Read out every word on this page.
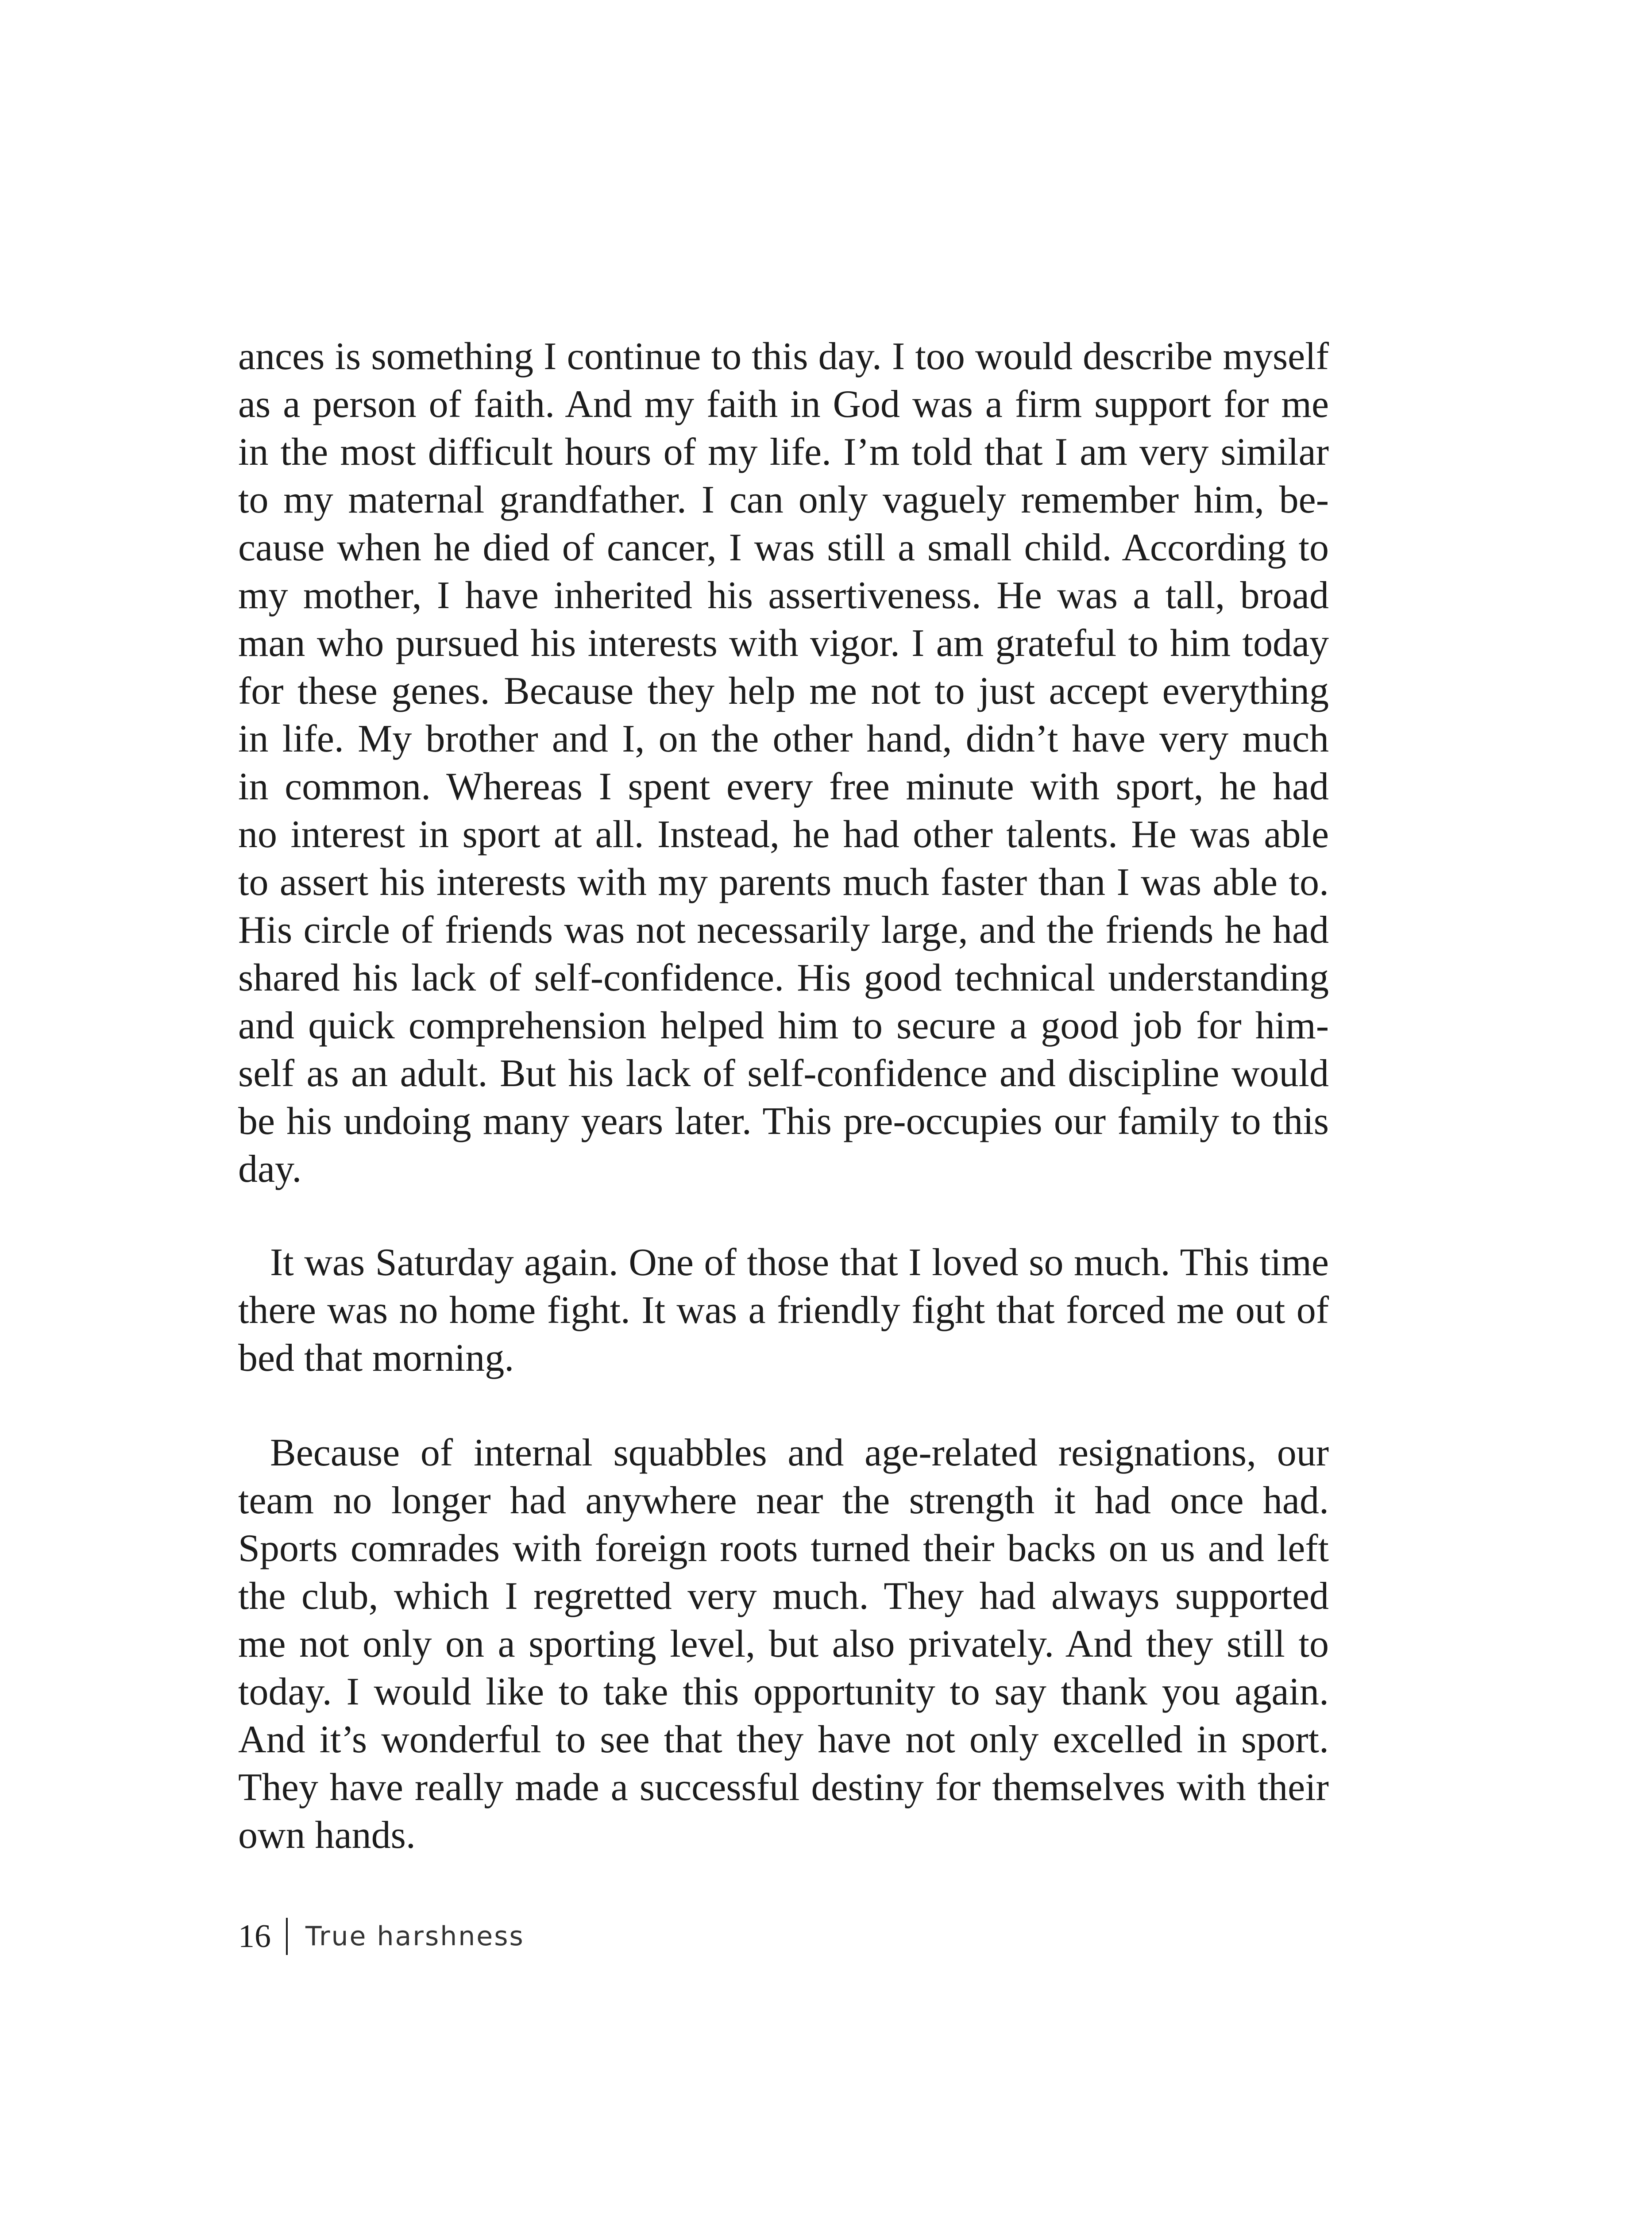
ances is something I continue to this day. I too would describe myself
as a person of faith. And my faith in God was a firm support for me
in the most difficult hours of my life. I’m told that I am very similar
to my maternal grandfather. I can only vaguely remember him, be-
cause when he died of cancer, I was still a small child. According to
my mother, I have inherited his assertiveness. He was a tall, broad
man who pursued his interests with vigor. I am grateful to him today
for these genes. Because they help me not to just accept everything
in life. My brother and I, on the other hand, didn’t have very much
in common. Whereas I spent every free minute with sport, he had
no interest in sport at all. Instead, he had other talents. He was able
to assert his interests with my parents much faster than I was able to.
His circle of friends was not necessarily large, and the friends he had
shared his lack of self-confidence. His good technical understanding
and quick comprehension helped him to secure a good job for him-
self as an adult. But his lack of self-confidence and discipline would
be his undoing many years later. This pre-occupies our family to this
day.

It was Saturday again. One of those that I loved so much. This time
there was no home fight. It was a friendly fight that forced me out of
bed that morning.

Because of internal squabbles and age-related resignations, our
team no longer had anywhere near the strength it had once had.
Sports comrades with foreign roots turned their backs on us and left
the club, which I regretted very much. They had always supported
me not only on a sporting level, but also privately. And they still to
today. I would like to take this opportunity to say thank you again.
And it’s wonderful to see that they have not only excelled in sport.
They have really made a successful destiny for themselves with their
own hands.

16 True harshness
